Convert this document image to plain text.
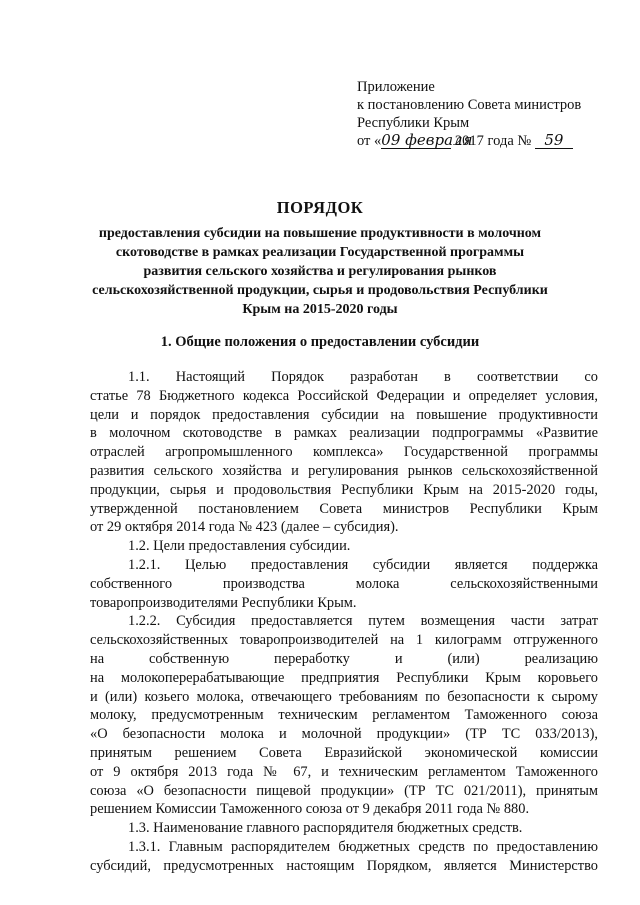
Приложение
к постановлению Совета министров
Республики Крым
от «09 февраля 2017 года № 59
ПОРЯДОК
предоставления субсидии на повышение продуктивности в молочном
скотоводстве в рамках реализации Государственной программы
развития сельского хозяйства и регулирования рынков
сельскохозяйственной продукции, сырья и продовольствия Республики
Крым на 2015-2020 годы
1. Общие положения о предоставлении субсидии
1.1. Настоящий Порядок разработан в соответствии со
статье 78 Бюджетного кодекса Российской Федерации и определяет условия,
цели и порядок предоставления субсидии на повышение продуктивности
в молочном скотоводстве в рамках реализации подпрограммы «Развитие
отраслей агропромышленного комплекса» Государственной программы
развития сельского хозяйства и регулирования рынков сельскохозяйственной
продукции, сырья и продовольствия Республики Крым на 2015-2020 годы,
утвержденной постановлением Совета министров Республики Крым
от 29 октября 2014 года № 423 (далее – субсидия).
1.2. Цели предоставления субсидии.
1.2.1. Целью предоставления субсидии является поддержка
собственного производства молока сельскохозяйственными
товаропроизводителями Республики Крым.
1.2.2. Субсидия предоставляется путем возмещения части затрат
сельскохозяйственных товаропроизводителей на 1 килограмм отгруженного
на собственную переработку и (или) реализацию
на молокоперерабатывающие предприятия Республики Крым коровьего
и (или) козьего молока, отвечающего требованиям по безопасности к сырому
молоку, предусмотренным техническим регламентом Таможенного союза
«О безопасности молока и молочной продукции» (ТР ТС 033/2013),
принятым решением Совета Евразийской экономической комиссии
от 9 октября 2013 года № 67, и техническим регламентом Таможенного
союза «О безопасности пищевой продукции» (ТР ТС 021/2011), принятым
решением Комиссии Таможенного союза от 9 декабря 2011 года № 880.
1.3. Наименование главного распорядителя бюджетных средств.
1.3.1. Главным распорядителем бюджетных средств по предоставлению
субсидий, предусмотренных настоящим Порядком, является Министерство
